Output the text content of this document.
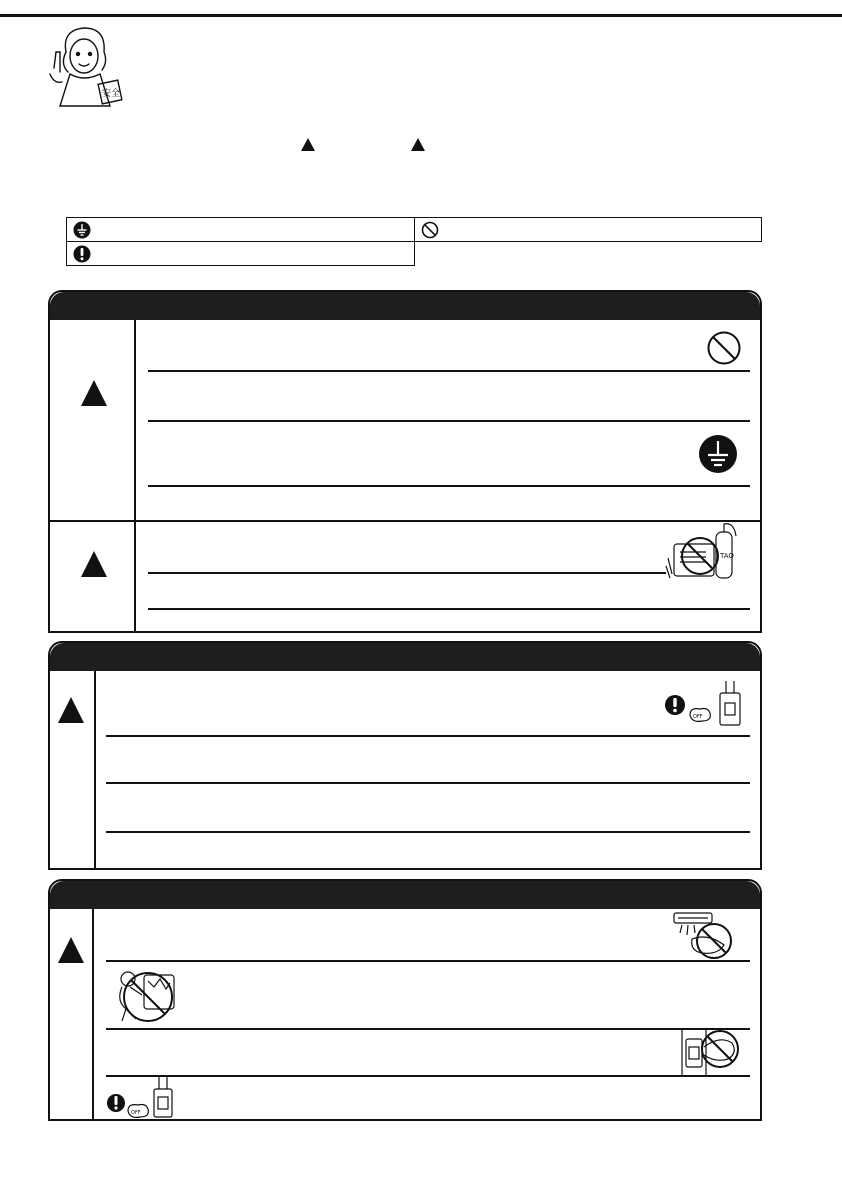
安全
TAO
OFF
OFF
